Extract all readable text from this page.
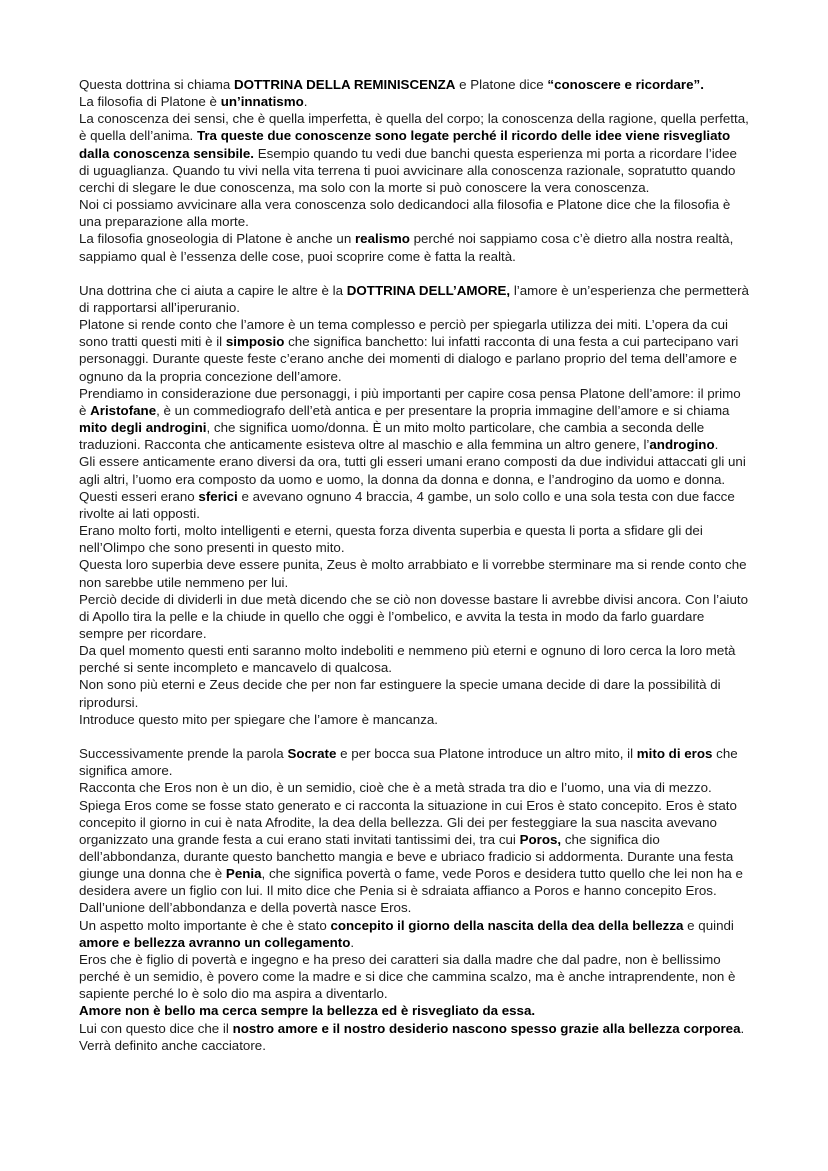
Questa dottrina si chiama DOTTRINA DELLA REMINISCENZA e Platone dice “conoscere e ricordare”.

La filosofia di Platone è un’innatismo.

La conoscenza dei sensi, che è quella imperfetta, è quella del corpo; la conoscenza della ragione, quella perfetta, è quella dell’anima. Tra queste due conoscenze sono legate perché il ricordo delle idee viene risvegliato dalla conoscenza sensibile. Esempio quando tu vedi due banchi questa esperienza mi porta a ricordare l’idee di uguaglianza. Quando tu vivi nella vita terrena ti puoi avvicinare alla conoscenza razionale, sopratutto quando cerchi di slegare le due conoscenza, ma solo con la morte si può conoscere la vera conoscenza.

Noi ci possiamo avvicinare alla vera conoscenza solo dedicandoci alla filosofia e Platone dice che la filosofia è una preparazione alla morte.

La filosofia gnoseologia di Platone è anche un realismo perché noi sappiamo cosa c’è dietro alla nostra realtà, sappiamo qual è l’essenza delle cose, puoi scoprire come è fatta la realtà.

Una dottrina che ci aiuta a capire le altre è la DOTTRINA DELL’AMORE, l’amore è un’esperienza che permetterà di rapportarsi all’iperuranio.

Platone si rende conto che l’amore è un tema complesso e perciò per spiegarla utilizza dei miti. L’opera da cui sono tratti questi miti è il simposio che significa banchetto: lui infatti racconta di una festa a cui partecipano vari personaggi. Durante queste feste c’erano anche dei momenti di dialogo e parlano proprio del tema dell’amore e ognuno da la propria concezione dell’amore.

Prendiamo in considerazione due personaggi, i più importanti per capire cosa pensa Platone dell’amore: il primo è Aristofane, è un commediografo dell’età antica e per presentare la propria immagine dell’amore e si chiama mito degli androgini, che significa uomo/donna. È un mito molto particolare, che cambia a seconda delle traduzioni. Racconta che anticamente esisteva oltre al maschio e alla femmina un altro genere, l’androgino.

Gli essere anticamente erano diversi da ora, tutti gli esseri umani erano composti da due individui attaccati gli uni agli altri, l’uomo era composto da uomo e uomo, la donna da donna e donna, e l’androgino da uomo e donna.

Questi esseri erano sferici e avevano ognuno 4 braccia, 4 gambe, un solo collo e una sola testa con due facce rivolte ai lati opposti.

Erano molto forti, molto intelligenti e eterni, questa forza diventa superbia e questa li porta a sfidare gli dei nell’Olimpo che sono presenti in questo mito.

Questa loro superbia deve essere punita, Zeus è molto arrabbiato e li vorrebbe sterminare ma si rende conto che non sarebbe utile nemmeno per lui.

Perciò decide di dividerli in due metà dicendo che se ciò non dovesse bastare li avrebbe divisi ancora. Con l’aiuto di Apollo tira la pelle e la chiude in quello che oggi è l’ombelico, e avvita la testa in modo da farlo guardare sempre per ricordare.

Da quel momento questi enti saranno molto indeboliti e nemmeno più eterni e ognuno di loro cerca la loro metà perché si sente incompleto e mancavelo di qualcosa.

Non sono più eterni e Zeus decide che per non far estinguere la specie umana decide di dare la possibilità di riprodursi.

Introduce questo mito per spiegare che l’amore è mancanza.

Successivamente prende la parola Socrate e per bocca sua Platone introduce un altro mito, il mito di eros che significa amore.

Racconta che Eros non è un dio, è un semidio, cioè che è a metà strada tra dio e l’uomo, una via di mezzo. Spiega Eros come se fosse stato generato e ci racconta la situazione in cui Eros è stato concepito. Eros è stato concepito il giorno in cui è nata Afrodite, la dea della bellezza. Gli dei per festeggiare la sua nascita avevano organizzato una grande festa a cui erano stati invitati tantissimi dei, tra cui Poros, che significa dio dell’abbondanza, durante questo banchetto mangia e beve e ubriaco fradicio si addormenta. Durante una festa giunge una donna che è Penia, che significa povertà o fame, vede Poros e desidera tutto quello che lei non ha e desidera avere un figlio con lui. Il mito dice che Penia si è sdraiata affianco a Poros e hanno concepito Eros. Dall’unione dell’abbondanza e della povertà nasce Eros.

Un aspetto molto importante è che è stato concepito il giorno della nascita della dea della bellezza e quindi amore e bellezza avranno un collegamento.

Eros che è figlio di povertà e ingegno e ha preso dei caratteri sia dalla madre che dal padre, non è bellissimo perché è un semidio, è povero come la madre e si dice che cammina scalzo, ma è anche intraprendente, non è sapiente perché lo è solo dio ma aspira a diventarlo.

Amore non è bello ma cerca sempre la bellezza ed è risvegliato da essa.

Lui con questo dice che il nostro amore e il nostro desiderio nascono spesso grazie alla bellezza corporea. Verrà definito anche cacciatore.
